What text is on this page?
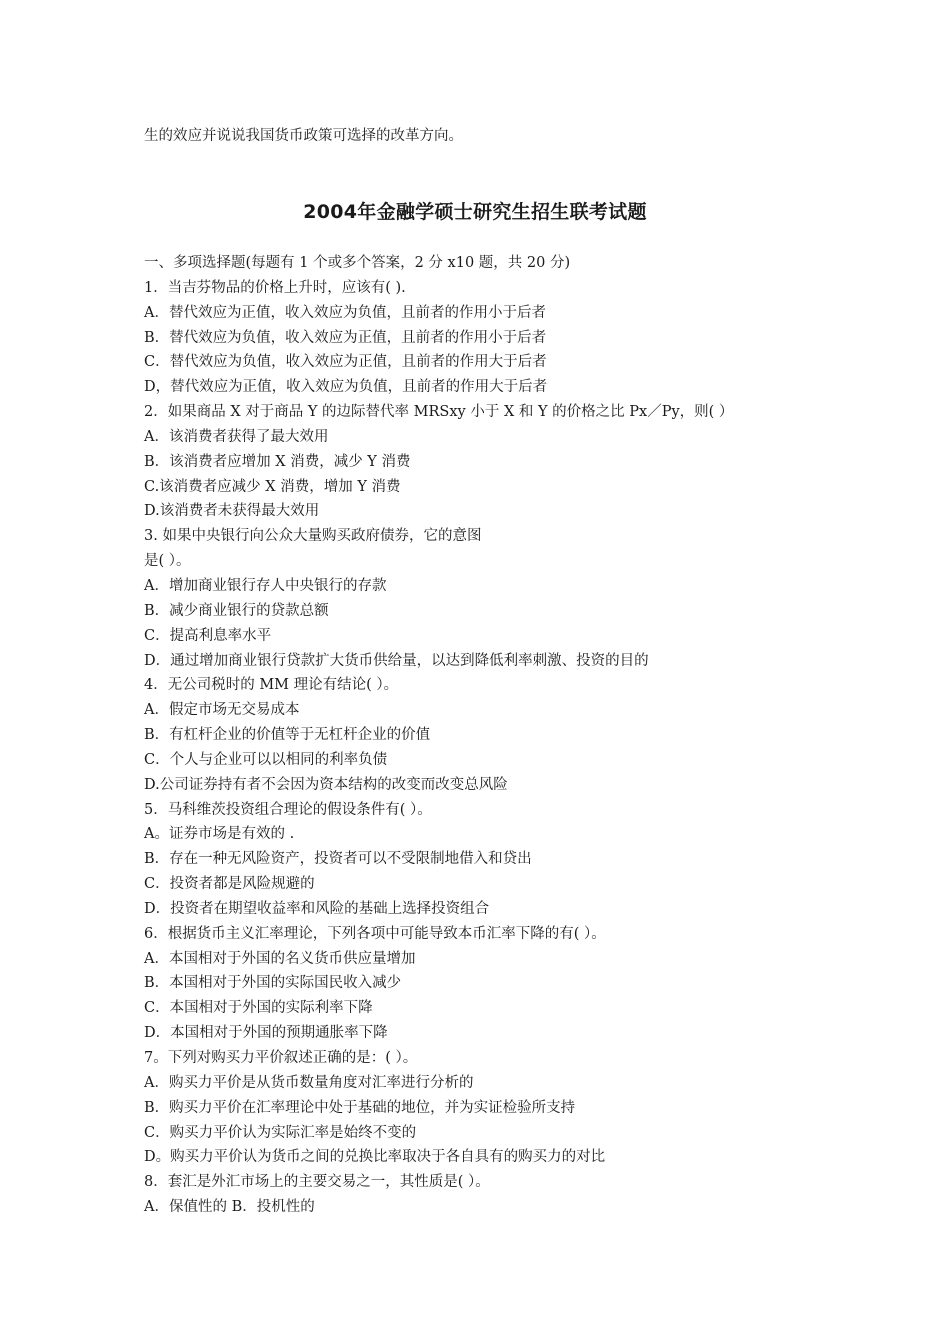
生的效应并说说我国货币政策可选择的改革方向。
2004年金融学硕士研究生招生联考试题
一、多项选择题(每题有 1 个或多个答案，2 分 x10 题，共 20 分)
1．当吉芬物品的价格上升时，应该有( ).
A．替代效应为正值，收入效应为负值，且前者的作用小于后者
B．替代效应为负值，收入效应为正值，且前者的作用小于后者
C．替代效应为负值，收入效应为正值，且前者的作用大于后者
D，替代效应为正值，收入效应为负值，且前者的作用大于后者
2．如果商品 X 对于商品 Y 的边际替代率 MRSxy 小于 X 和 Y 的价格之比 Px／Py，则( ）
A．该消费者获得了最大效用
B．该消费者应增加 X 消费，减少 Y 消费
C.该消费者应减少 X 消费，增加 Y 消费
D.该消费者未获得最大效用
3. 如果中央银行向公众大量购买政府债券，它的意图
是( ）。
A．增加商业银行存人中央银行的存款
B．减少商业银行的贷款总额
C．提高利息率水平
D．通过增加商业银行贷款扩大货币供给量，以达到降低利率刺激、投资的目的
4．无公司税时的 MM 理论有结论( ）。
A．假定市场无交易成本
B．有杠杆企业的价值等于无杠杆企业的价值
C．个人与企业可以以相同的利率负债
D.公司证券持有者不会因为资本结构的改变而改变总风险
5．马科维茨投资组合理论的假设条件有( ）。
A。证券市场是有效的 .
B．存在一种无风险资产，投资者可以不受限制地借入和贷出
C．投资者都是风险规避的
D．投资者在期望收益率和风险的基础上选择投资组合
6．根据货币主义汇率理论，下列各项中可能导致本币汇率下降的有( ）。
A．本国相对于外国的名义货币供应量增加
B．本国相对于外国的实际国民收入减少
C．本国相对于外国的实际利率下降
D．本国相对于外国的预期通胀率下降
7。下列对购买力平价叙述正确的是：( ）。
A．购买力平价是从货币数量角度对汇率进行分析的
B．购买力平价在汇率理论中处于基础的地位，并为实证检验所支持
C．购买力平价认为实际汇率是始终不变的
D。购买力平价认为货币之间的兑换比率取决于各自具有的购买力的对比
8．套汇是外汇市场上的主要交易之一，其性质是( ）。
A．保值性的 B．投机性的
